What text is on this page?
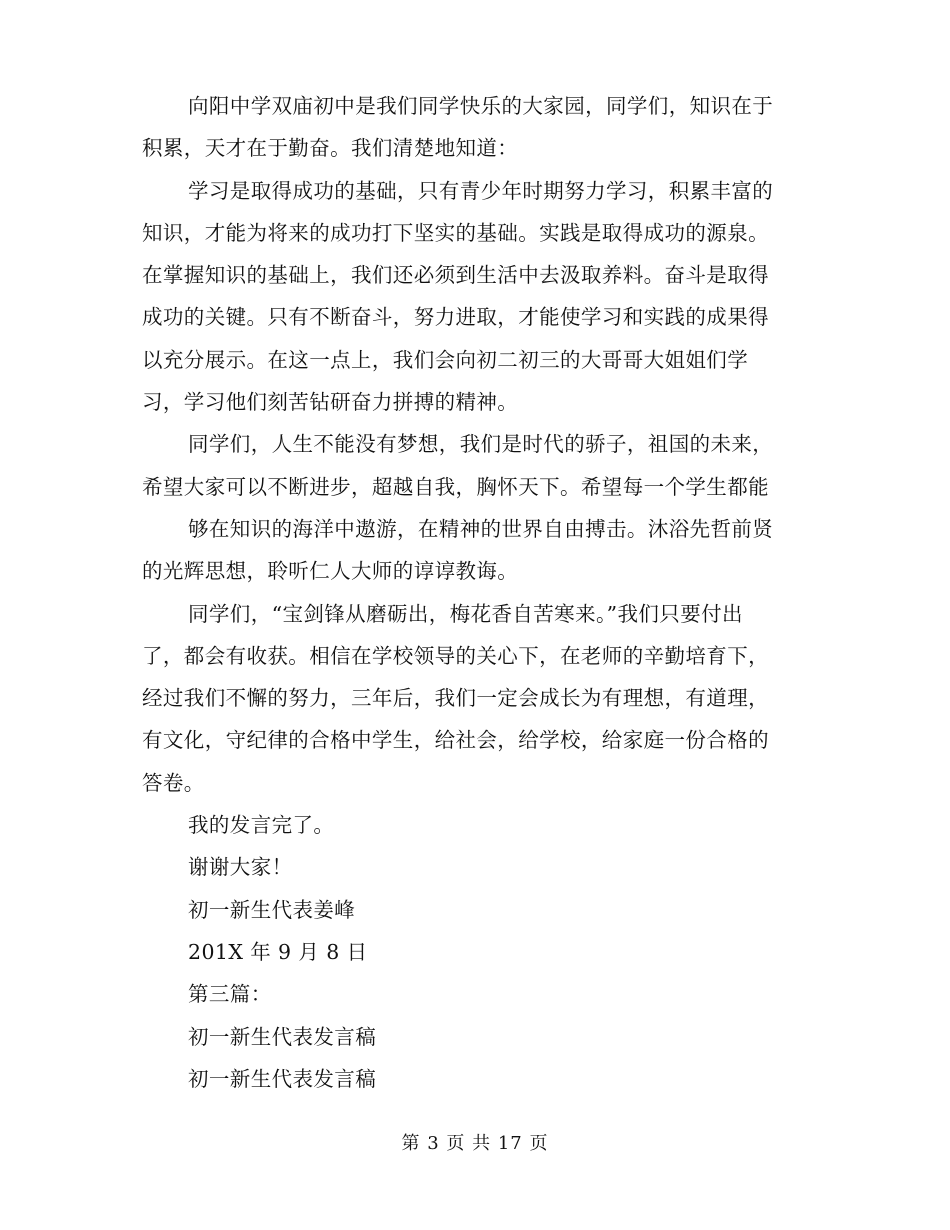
向阳中学双庙初中是我们同学快乐的大家园，同学们，知识在于
积累，天才在于勤奋。我们清楚地知道：
学习是取得成功的基础，只有青少年时期努力学习，积累丰富的
知识，才能为将来的成功打下坚实的基础。实践是取得成功的源泉。
在掌握知识的基础上，我们还必须到生活中去汲取养料。奋斗是取得
成功的关键。只有不断奋斗，努力进取，才能使学习和实践的成果得
以充分展示。在这一点上，我们会向初二初三的大哥哥大姐姐们学
习，学习他们刻苦钻研奋力拼搏的精神。
同学们，人生不能没有梦想，我们是时代的骄子，祖国的未来，
希望大家可以不断进步，超越自我，胸怀天下。希望每一个学生都能
够在知识的海洋中遨游，在精神的世界自由搏击。沐浴先哲前贤
的光辉思想，聆听仁人大师的谆谆教诲。
同学们，“宝剑锋从磨砺出，梅花香自苦寒来。”我们只要付出
了，都会有收获。相信在学校领导的关心下，在老师的辛勤培育下，
经过我们不懈的努力，三年后，我们一定会成长为有理想，有道理，
有文化，守纪律的合格中学生，给社会，给学校，给家庭一份合格的
答卷。
我的发言完了。
谢谢大家！
初一新生代表姜峰
201X 年 9 月 8 日
第三篇：
初一新生代表发言稿
初一新生代表发言稿
第 3 页 共 17 页
